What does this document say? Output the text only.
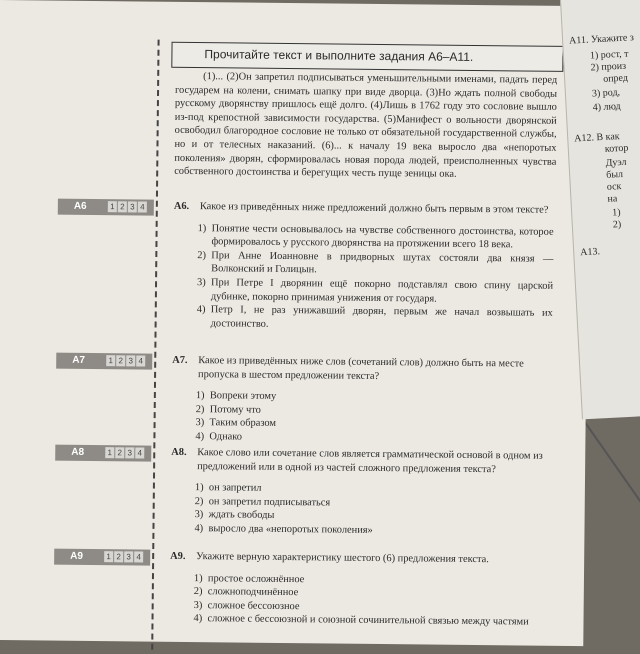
Прочитайте текст и выполните задания А6–А11.
(1)... (2)Он запретил подписываться уменьшительными именами, падать перед государем на колени, снимать шапку при виде дворца. (3)Но ждать полной свободы русскому дворянству пришлось ещё долго. (4)Лишь в 1762 году это сословие вышло из-под крепостной зависимости государства. (5)Манифест о вольности дворянской освободил благородное сословие не только от обязательной государственной службы, но и от телесных наказаний. (6)... к началу 19 века выросло два «непоротых поколения» дворян, сформировалась новая порода людей, преисполненных чувства собственного достоинства и берегущих честь пуще зеницы ока.
А6	1 2 3 4	А6. Какое из приведённых ниже предложений должно быть первым в этом тексте?
1) Понятие чести основывалось на чувстве собственного достоинства, которое формировалось у русского дворянства на протяжении всего 18 века.
2) При Анне Иоанновне в придворных шутах состояли два князя — Волконский и Голицын.
3) При Петре I дворянин ещё покорно подставлял свою спину царской дубинке, покорно принимая унижения от государя.
4) Петр I, не раз унижавший дворян, первым же начал возвышать их достоинство.
А7	1 2 3 4	А7. Какое из приведённых ниже слов (сочетаний слов) должно быть на месте пропуска в шестом предложении текста?
1) Вопреки этому
2) Потому что
3) Таким образом
4) Однако
А8	1 2 3 4	А8. Какое слово или сочетание слов является грамматической основой в одном из предложений или в одной из частей сложного предложения текста?
1) он запретил
2) он запретил подписываться
3) ждать свободы
4) выросло два «непоротых поколения»
А9	1 2 3 4	А9. Укажите верную характеристику шестого (6) предложения текста.
1) простое осложнённое
2) сложноподчинённое
3) сложное бессоюзное
4) сложное с бессоюзной и союзной сочинительной связью между частями
А11. Укажите з
1) рост, т
2) произ
опред
3) род,
4) люд
А12. В как
котор
Дуэл
был
оск
на
1)
2)
А13.
